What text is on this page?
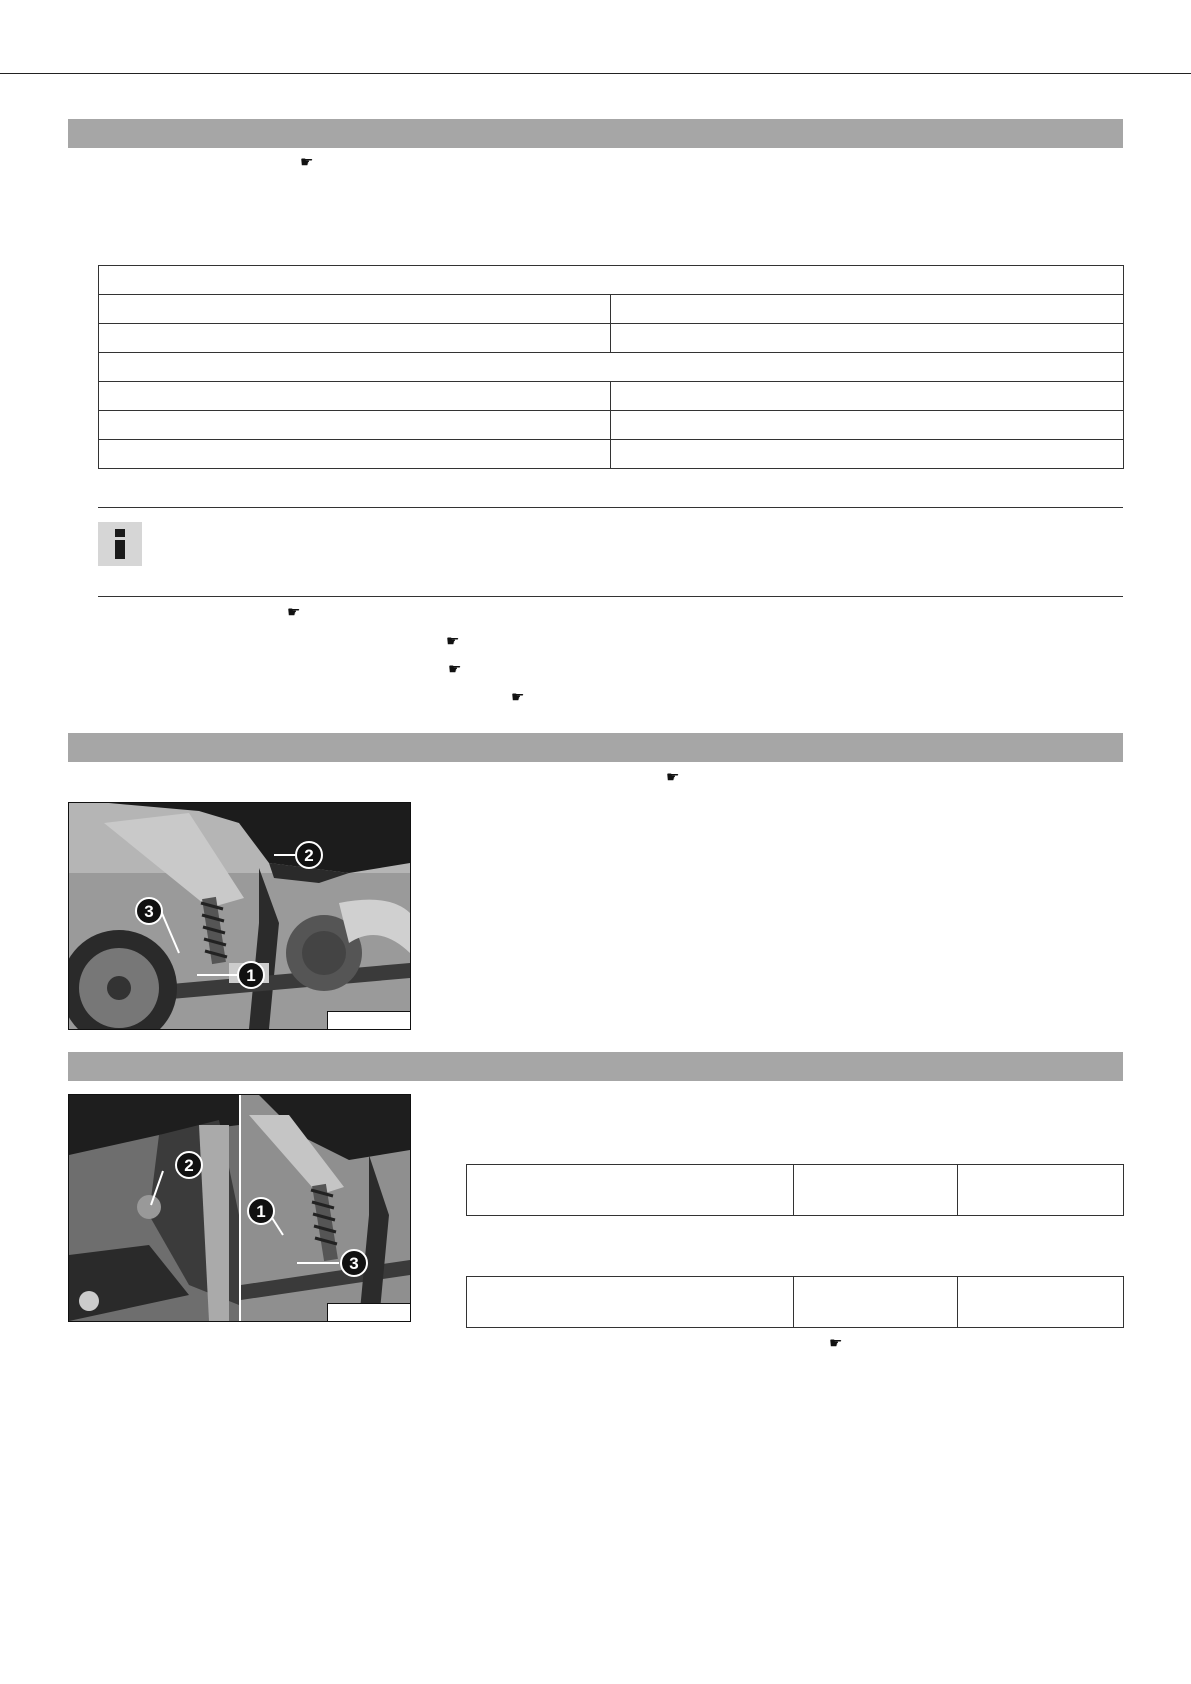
☛

☛
☛
☛
☛
☛
2
3
1
2
1
3

☛
